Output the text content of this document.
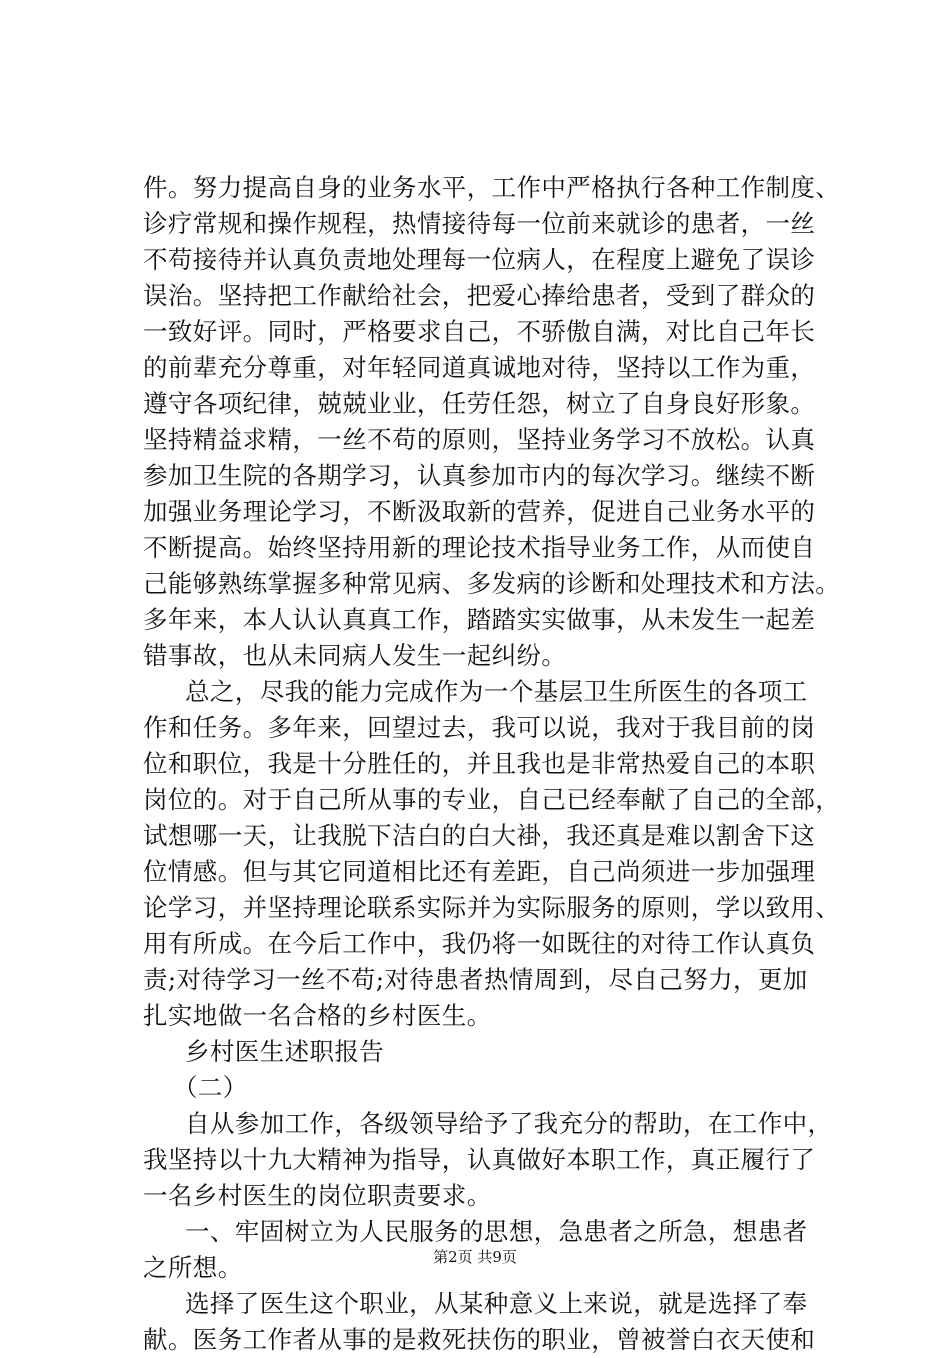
件。努力提高自身的业务水平，工作中严格执行各种工作制度、
诊疗常规和操作规程，热情接待每一位前来就诊的患者，一丝
不苟接待并认真负责地处理每一位病人，在程度上避免了误诊
误治。坚持把工作献给社会，把爱心捧给患者，受到了群众的
一致好评。同时，严格要求自己，不骄傲自满，对比自己年长
的前辈充分尊重，对年轻同道真诚地对待，坚持以工作为重，
遵守各项纪律，兢兢业业，任劳任怨，树立了自身良好形象。
坚持精益求精，一丝不苟的原则，坚持业务学习不放松。认真
参加卫生院的各期学习，认真参加市内的每次学习。继续不断
加强业务理论学习，不断汲取新的营养，促进自己业务水平的
不断提高。始终坚持用新的理论技术指导业务工作，从而使自
己能够熟练掌握多种常见病、多发病的诊断和处理技术和方法。
多年来，本人认认真真工作，踏踏实实做事，从未发生一起差
错事故，也从未同病人发生一起纠纷。
总之，尽我的能力完成作为一个基层卫生所医生的各项工
作和任务。多年来，回望过去，我可以说，我对于我目前的岗
位和职位，我是十分胜任的，并且我也是非常热爱自己的本职
岗位的。对于自己所从事的专业，自己已经奉献了自己的全部，
试想哪一天，让我脱下洁白的白大褂，我还真是难以割舍下这
位情感。但与其它同道相比还有差距，自己尚须进一步加强理
论学习，并坚持理论联系实际并为实际服务的原则，学以致用、
用有所成。在今后工作中，我仍将一如既往的对待工作认真负
责;对待学习一丝不苟;对待患者热情周到，尽自己努力，更加
扎实地做一名合格的乡村医生。
乡村医生述职报告
（二）
自从参加工作，各级领导给予了我充分的帮助，在工作中，
我坚持以十九大精神为指导，认真做好本职工作，真正履行了
一名乡村医生的岗位职责要求。
一、牢固树立为人民服务的思想，急患者之所急，想患者
之所想。
选择了医生这个职业，从某种意义上来说，就是选择了奉
献。医务工作者从事的是救死扶伤的职业，曾被誉白衣天使和
第2页 共9页
